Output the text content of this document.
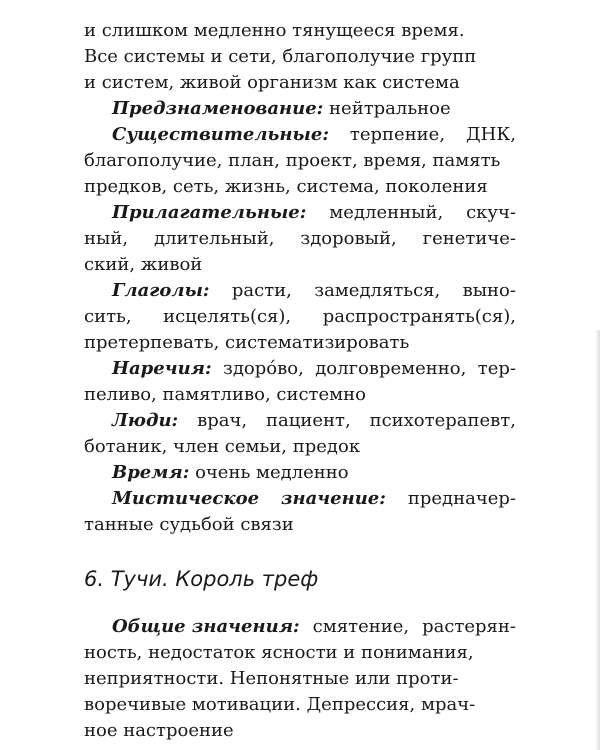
и слишком медленно тянущееся время.
Все системы и сети, благополучие групп
и систем, живой организм как система
Предзнаменование: нейтральное
Существительные: терпение, ДНК,
благополучие, план, проект, время, память
предков, сеть, жизнь, система, поколения
Прилагательные: медленный, скуч-
ный, длительный, здоровый, генетиче-
ский, живой
Глаголы: расти, замедляться, выно-
сить, исцелять(ся), распространять(ся),
претерпевать, систематизировать
Наречия: здоро́во, долговременно, тер-
пеливо, памятливо, системно
Люди: врач, пациент, психотерапевт,
ботаник, член семьи, предок
Время: очень медленно
Мистическое значение: предначер-
танные судьбой связи
6. Тучи. Король треф
Общие значения: смятение, растерян-
ность, недостаток ясности и понимания,
неприятности. Непонятные или проти-
воречивые мотивации. Депрессия, мрач-
ное настроение
